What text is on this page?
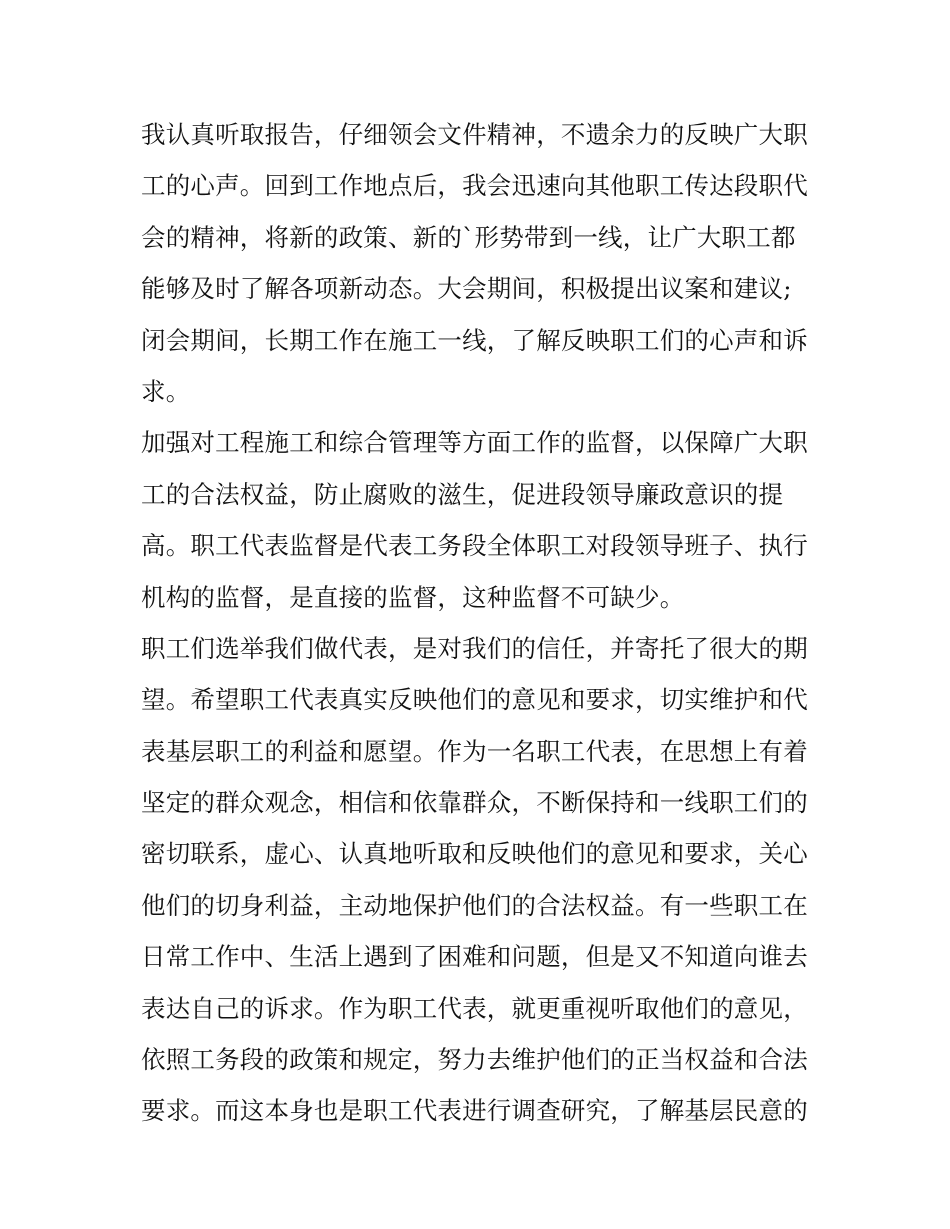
我认真听取报告，仔细领会文件精神，不遗余力的反映广大职
工的心声。回到工作地点后，我会迅速向其他职工传达段职代
会的精神，将新的政策、新的`形势带到一线，让广大职工都
能够及时了解各项新动态。大会期间，积极提出议案和建议;
闭会期间，长期工作在施工一线，了解反映职工们的心声和诉
求。
加强对工程施工和综合管理等方面工作的监督，以保障广大职
工的合法权益，防止腐败的滋生，促进段领导廉政意识的提
高。职工代表监督是代表工务段全体职工对段领导班子、执行
机构的监督，是直接的监督，这种监督不可缺少。
职工们选举我们做代表，是对我们的信任，并寄托了很大的期
望。希望职工代表真实反映他们的意见和要求，切实维护和代
表基层职工的利益和愿望。作为一名职工代表，在思想上有着
坚定的群众观念，相信和依靠群众，不断保持和一线职工们的
密切联系，虚心、认真地听取和反映他们的意见和要求，关心
他们的切身利益，主动地保护他们的合法权益。有一些职工在
日常工作中、生活上遇到了困难和问题，但是又不知道向谁去
表达自己的诉求。作为职工代表，就更重视听取他们的意见，
依照工务段的政策和规定，努力去维护他们的正当权益和合法
要求。而这本身也是职工代表进行调查研究，了解基层民意的
